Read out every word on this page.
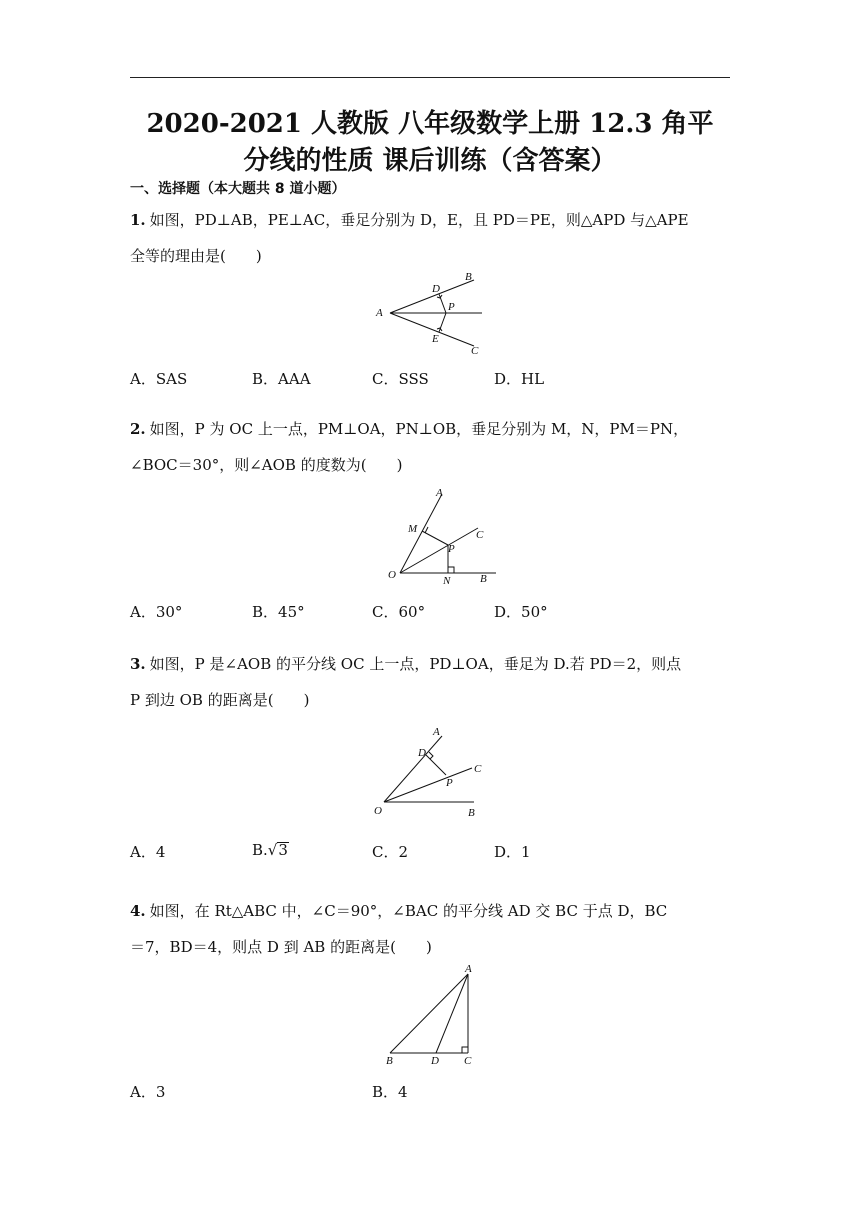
2020-2021 人教版 八年级数学上册 12.3 角平
分线的性质 课后训练（含答案）
一、选择题（本大题共 8 道小题）
1. 如图，PD⊥AB，PE⊥AC，垂足分别为 D，E，且 PD＝PE，则△APD 与△APE
全等的理由是(　　)
A
B
D
P
E
C
A．SAS	B．AAA	C．SSS	D．HL
2. 如图，P 为 OC 上一点，PM⊥OA，PN⊥OB，垂足分别为 M，N，PM＝PN，
∠BOC＝30°，则∠AOB 的度数为(　　)
A
M	C
P
O	N	B
A．30°	B．45°	C．60°	D．50°
3. 如图，P 是∠AOB 的平分线 OC 上一点，PD⊥OA，垂足为 D.若 PD＝2，则点
P 到边 OB 的距离是(　　)
A
D
C
P
O	B
A．4	B.√3	C．2	D．1
4. 如图，在 Rt△ABC 中，∠C＝90°，∠BAC 的平分线 AD 交 BC 于点 D，BC
＝7，BD＝4，则点 D 到 AB 的距离是(　　)
A
B	D C
A．3	B．4
